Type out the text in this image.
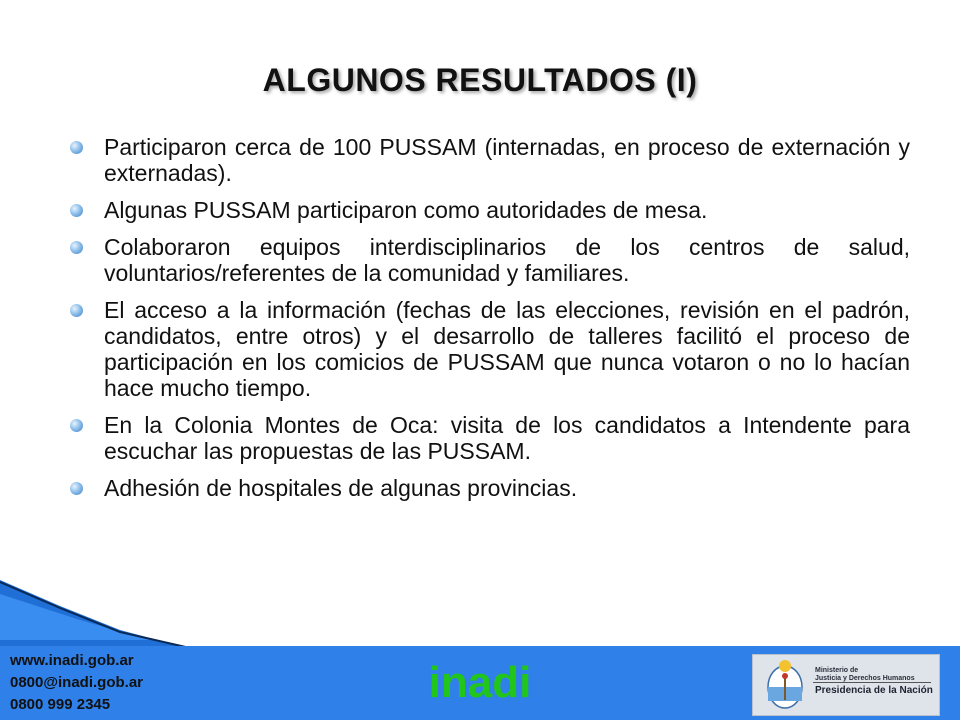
ALGUNOS RESULTADOS (I)
Participaron cerca de 100 PUSSAM (internadas, en proceso de externación y externadas).
Algunas PUSSAM participaron como autoridades de mesa.
Colaboraron equipos interdisciplinarios de los centros de salud, voluntarios/referentes de la comunidad y familiares.
El acceso a la información (fechas de las elecciones, revisión en el padrón, candidatos, entre otros) y el desarrollo de talleres facilitó el proceso de participación en los comicios de PUSSAM que nunca votaron o no lo hacían hace mucho tiempo.
En la Colonia Montes de Oca: visita de los candidatos a Intendente para escuchar las propuestas de las PUSSAM.
Adhesión de hospitales de algunas provincias.
www.inadi.gob.ar
0800@inadi.gob.ar
0800 999 2345	inadi	Ministerio de
Justicia y Derechos Humanos
Presidencia de la Nación
